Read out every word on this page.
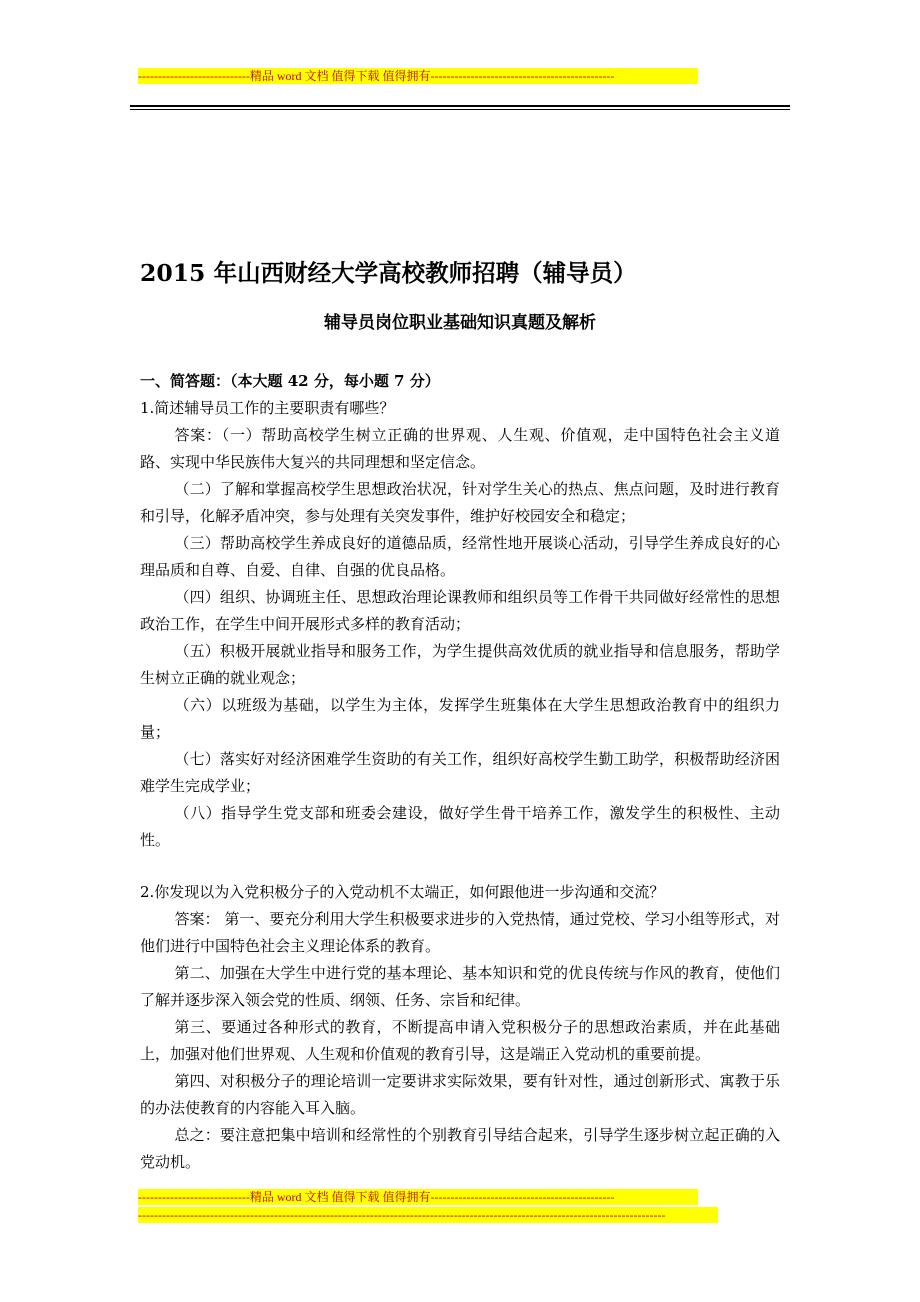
----------------------------精品 word 文档 值得下载 值得拥有----------------------------------------------
2015 年山西财经大学高校教师招聘（辅导员）
辅导员岗位职业基础知识真题及解析

一、简答题：（本大题 42 分，每小题 7 分）

1.简述辅导员工作的主要职责有哪些？

答案：（一）帮助高校学生树立正确的世界观、人生观、价值观，走中国特色社会主义道路、实现中华民族伟大复兴的共同理想和坚定信念。

（二）了解和掌握高校学生思想政治状况，针对学生关心的热点、焦点问题，及时进行教育和引导，化解矛盾冲突，参与处理有关突发事件，维护好校园安全和稳定；

（三）帮助高校学生养成良好的道德品质，经常性地开展谈心活动，引导学生养成良好的心理品质和自尊、自爱、自律、自强的优良品格。

（四）组织、协调班主任、思想政治理论课教师和组织员等工作骨干共同做好经常性的思想政治工作，在学生中间开展形式多样的教育活动；

（五）积极开展就业指导和服务工作，为学生提供高效优质的就业指导和信息服务，帮助学生树立正确的就业观念；

（六）以班级为基础，以学生为主体，发挥学生班集体在大学生思想政治教育中的组织力量；

（七）落实好对经济困难学生资助的有关工作，组织好高校学生勤工助学，积极帮助经济困难学生完成学业；

（八）指导学生党支部和班委会建设，做好学生骨干培养工作，激发学生的积极性、主动性。

2.你发现以为入党积极分子的入党动机不太端正，如何跟他进一步沟通和交流？

答案： 第一、要充分利用大学生积极要求进步的入党热情，通过党校、学习小组等形式，对他们进行中国特色社会主义理论体系的教育。

第二、加强在大学生中进行党的基本理论、基本知识和党的优良传统与作风的教育，使他们了解并逐步深入领会党的性质、纲领、任务、宗旨和纪律。

第三、要通过各种形式的教育，不断提高申请入党积极分子的思想政治素质，并在此基础上，加强对他们世界观、人生观和价值观的教育引导，这是端正入党动机的重要前提。

第四、对积极分子的理论培训一定要讲求实际效果，要有针对性，通过创新形式、寓教于乐的办法使教育的内容能入耳入脑。

总之：要注意把集中培训和经常性的个别教育引导结合起来，引导学生逐步树立起正确的入党动机。

----------------------------精品 word 文档 值得下载 值得拥有----------------------------------------------
------------------------------------------------------------------------------------------------------------------------------------
